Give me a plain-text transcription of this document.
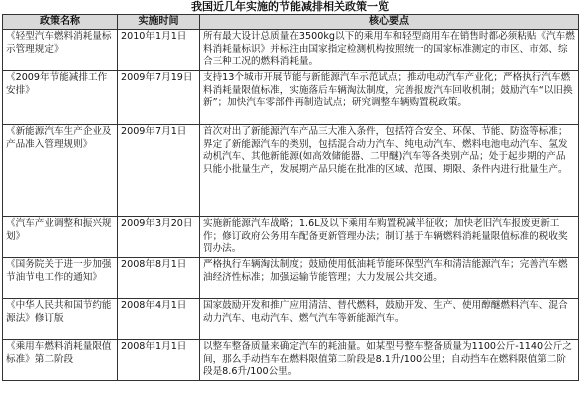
我国近几年实施的节能减排相关政策一览
政策名称	实施时间	核心要点
《轻型汽车燃料消耗量标示管理规定》	2010年1月1日	所有最大设计总质量在3500kg以下的乘用车和轻型商用车在销售时都必须粘贴《汽车燃料消耗量标识》并标注由国家指定检测机构按照统一的国家标准测定的市区、市郊、综合三种工况的燃料消耗量。
《2009年节能减排工作安排》	2009年7月19日	支持13个城市开展节能与新能源汽车示范试点；推动电动汽车产业化；严格执行汽车燃料消耗量限值标准，实施落后车辆淘汰制度，完善报废汽车回收机制；鼓励汽车“以旧换新”；加快汽车零部件再制造试点；研究调整车辆购置税政策。
《新能源汽车生产企业及产品准入管理规则》	2009年7月1日	首次对出了新能源汽车产品三大准入条件，包括符合安全、环保、节能、防盗等标准；界定了新能源汽车的类别，包括混合动力汽车、纯电动汽车、燃料电池电动汽车、氢发动机汽车、其他新能源(如高效储能器、二甲醚)汽车等各类别产品；处于起步期的产品只能小批量生产，发展期产品只能在批准的区域、范围、期限、条件内进行批量生产。
《汽车产业调整和振兴规划》	2009年3月20日	实施新能源汽车战略；1.6L及以下乘用车购置税减半征收；加快老旧汽车报废更新工作；修订政府公务用车配备更新管理办法；制订基于车辆燃料消耗量限值标准的税收奖罚办法。
《国务院关于进一步加强节油节电工作的通知》	2008年8月1日	严格执行车辆淘汰制度；鼓励使用低油耗节能环保型汽车和清洁能源汽车；完善汽车燃油经济性标准；加强运输节能管理；大力发展公共交通。
《中华人民共和国节约能源法》修订版	2008年4月1日	国家鼓励开发和推广应用清洁、替代燃料，鼓励开发、生产、使用醇醚燃料汽车、混合动力汽车、电动汽车、燃气汽车等新能源汽车。
《乘用车燃料消耗量限值标准》第二阶段	2008年1月1日	以整车整备质量来确定汽车的耗油量。如某型号整车整备质量为1100公斤-1140公斤之间，那么手动挡车在燃料限值第二阶段是8.1升/100公里；自动挡车在燃料限值第二阶段是8.6升/100公里。
